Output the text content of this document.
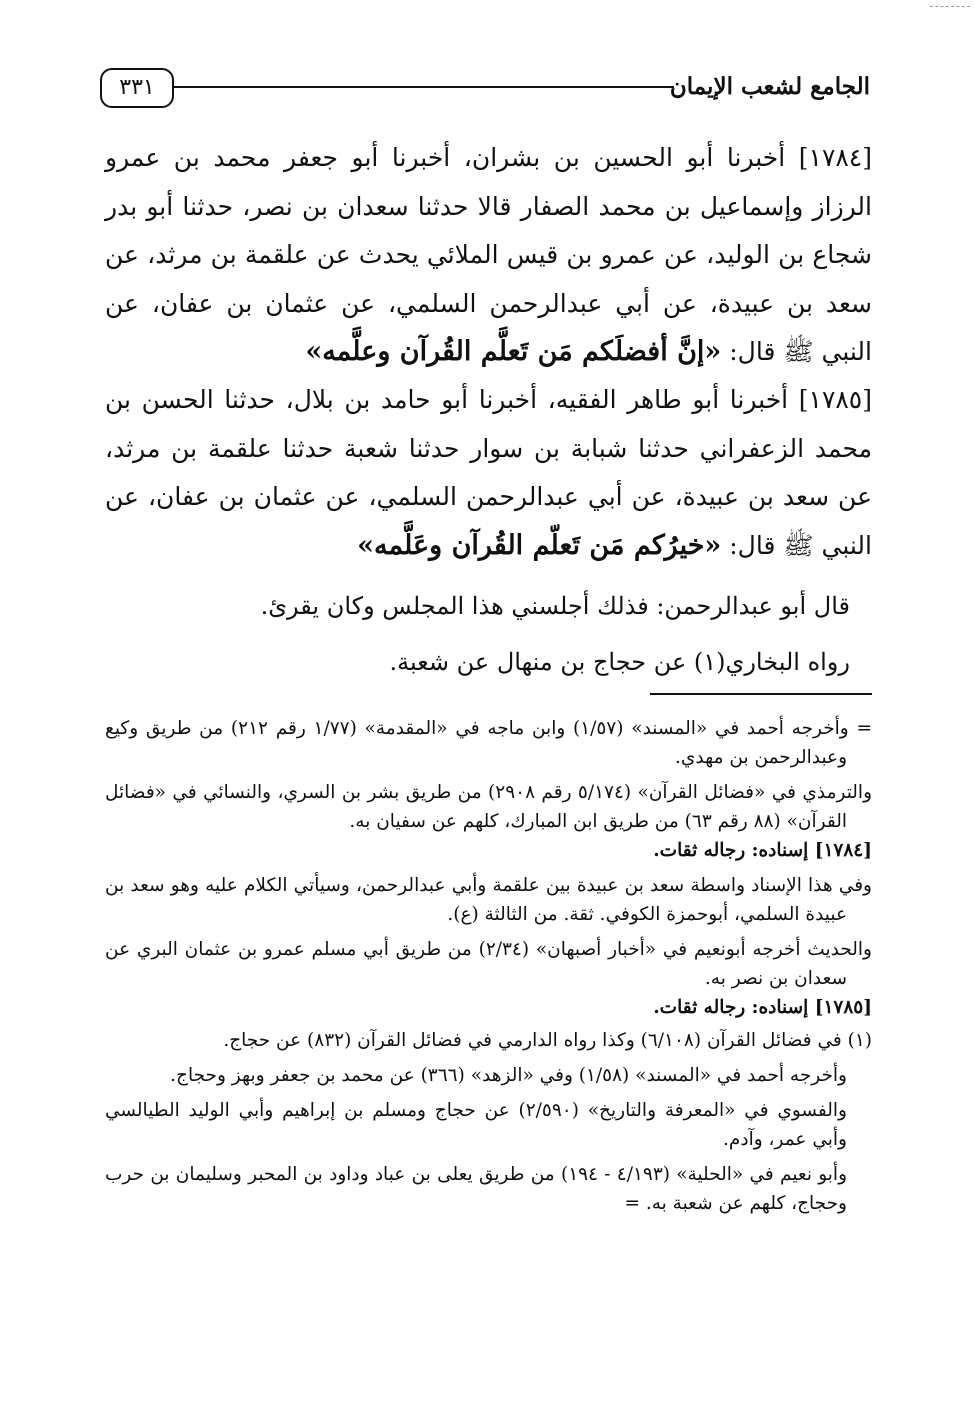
٣٣١	الجامع لشعب الإيمان
[١٧٨٤] أخبرنا أبو الحسين بن بشران، أخبرنا أبو جعفر محمد بن عمرو الرزاز وإسماعيل بن محمد الصفار قالا حدثنا سعدان بن نصر، حدثنا أبو بدر شجاع بن الوليد، عن عمرو بن قيس الملائي يحدث عن علقمة بن مرثد، عن سعد بن عبيدة، عن أبي عبدالرحمن السلمي، عن عثمان بن عفان، عن النبي ﷺ قال: «إنَّ أفضلَكم مَن تَعلَّم القُرآن وعلَّمه»
[١٧٨٥] أخبرنا أبو طاهر الفقيه، أخبرنا أبو حامد بن بلال، حدثنا الحسن بن محمد الزعفراني حدثنا شبابة بن سوار حدثنا شعبة حدثنا علقمة بن مرثد، عن سعد بن عبيدة، عن أبي عبدالرحمن السلمي، عن عثمان بن عفان، عن النبي ﷺ قال: «خيرُكم مَن تَعلّم القُرآن وعَلَّمه»
قال أبو عبدالرحمن: فذلك أجلسني هذا المجلس وكان يقرئ.
رواه البخاري(١) عن حجاج بن منهال عن شعبة.
= وأخرجه أحمد في «المسند» (١/٥٧) وابن ماجه في «المقدمة» (١/٧٧ رقم ٢١٢) من طريق وكيع وعبدالرحمن بن مهدي.
والترمذي في «فضائل القرآن» (٥/١٧٤ رقم ٢٩٠٨) من طريق بشر بن السري، والنسائي في «فضائل القرآن» (٨٨ رقم ٦٣) من طريق ابن المبارك، كلهم عن سفيان به.
[١٧٨٤] إسناده: رجاله ثقات.
وفي هذا الإسناد واسطة سعد بن عبيدة بين علقمة وأبي عبدالرحمن، وسيأتي الكلام عليه وهو سعد بن عبيدة السلمي، أبوحمزة الكوفي. ثقة. من الثالثة (ع).
والحديث أخرجه أبونعيم في «أخبار أصبهان» (٢/٣٤) من طريق أبي مسلم عمرو بن عثمان البري عن سعدان بن نصر به.
[١٧٨٥] إسناده: رجاله ثقات.
(١) في فضائل القرآن (٦/١٠٨) وكذا رواه الدارمي في فضائل القرآن (٨٣٢) عن حجاج.
وأخرجه أحمد في «المسند» (١/٥٨) وفي «الزهد» (٣٦٦) عن محمد بن جعفر وبهز وحجاج.
والفسوي في «المعرفة والتاريخ» (٢/٥٩٠) عن حجاج ومسلم بن إبراهيم وأبي الوليد الطيالسي وأبي عمر، وآدم.
وأبو نعيم في «الحلية» (٤/١٩٣ - ١٩٤) من طريق يعلى بن عباد وداود بن المحبر وسليمان بن حرب وحجاج، كلهم عن شعبة به. =
